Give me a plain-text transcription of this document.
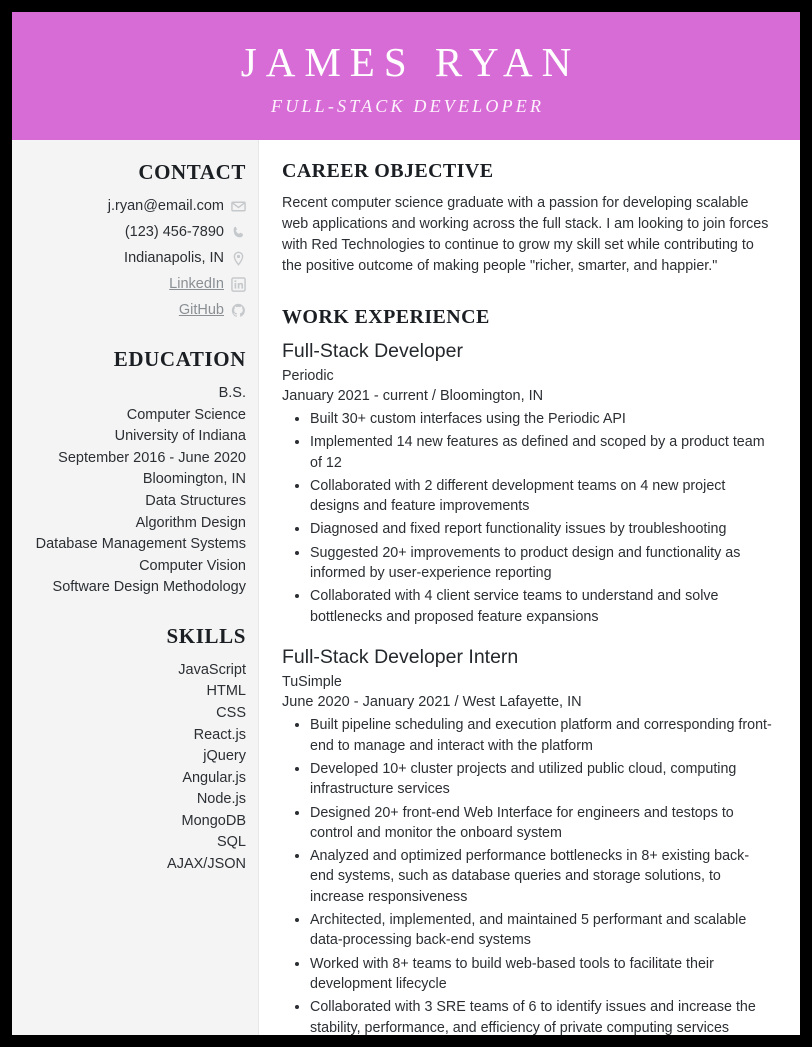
JAMES RYAN
FULL-STACK DEVELOPER
CONTACT
j.ryan@email.com
(123) 456-7890
Indianapolis, IN
LinkedIn
GitHub
EDUCATION
B.S.
Computer Science
University of Indiana
September 2016 - June 2020
Bloomington, IN
Data Structures
Algorithm Design
Database Management Systems
Computer Vision
Software Design Methodology
SKILLS
JavaScript
HTML
CSS
React.js
jQuery
Angular.js
Node.js
MongoDB
SQL
AJAX/JSON
CAREER OBJECTIVE

Recent computer science graduate with a passion for developing scalable web applications and working across the full stack. I am looking to join forces with Red Technologies to continue to grow my skill set while contributing to the positive outcome of making people "richer, smarter, and happier."

WORK EXPERIENCE
Full-Stack Developer
Periodic
January 2021 - current / Bloomington, IN
Built 30+ custom interfaces using the Periodic API
Implemented 14 new features as defined and scoped by a product team of 12
Collaborated with 2 different development teams on 4 new project designs and feature improvements
Diagnosed and fixed report functionality issues by troubleshooting
Suggested 20+ improvements to product design and functionality as informed by user-experience reporting
Collaborated with 4 client service teams to understand and solve bottlenecks and proposed feature expansions
Full-Stack Developer Intern
TuSimple
June 2020 - January 2021 / West Lafayette, IN
Built pipeline scheduling and execution platform and corresponding front-end to manage and interact with the platform
Developed 10+ cluster projects and utilized public cloud, computing infrastructure services
Designed 20+ front-end Web Interface for engineers and testops to control and monitor the onboard system
Analyzed and optimized performance bottlenecks in 8+ existing back-end systems, such as database queries and storage solutions, to increase responsiveness
Architected, implemented, and maintained 5 performant and scalable data-processing back-end systems
Worked with 8+ teams to build web-based tools to facilitate their development lifecycle
Collaborated with 3 SRE teams of 6 to identify issues and increase the stability, performance, and efficiency of private computing services
